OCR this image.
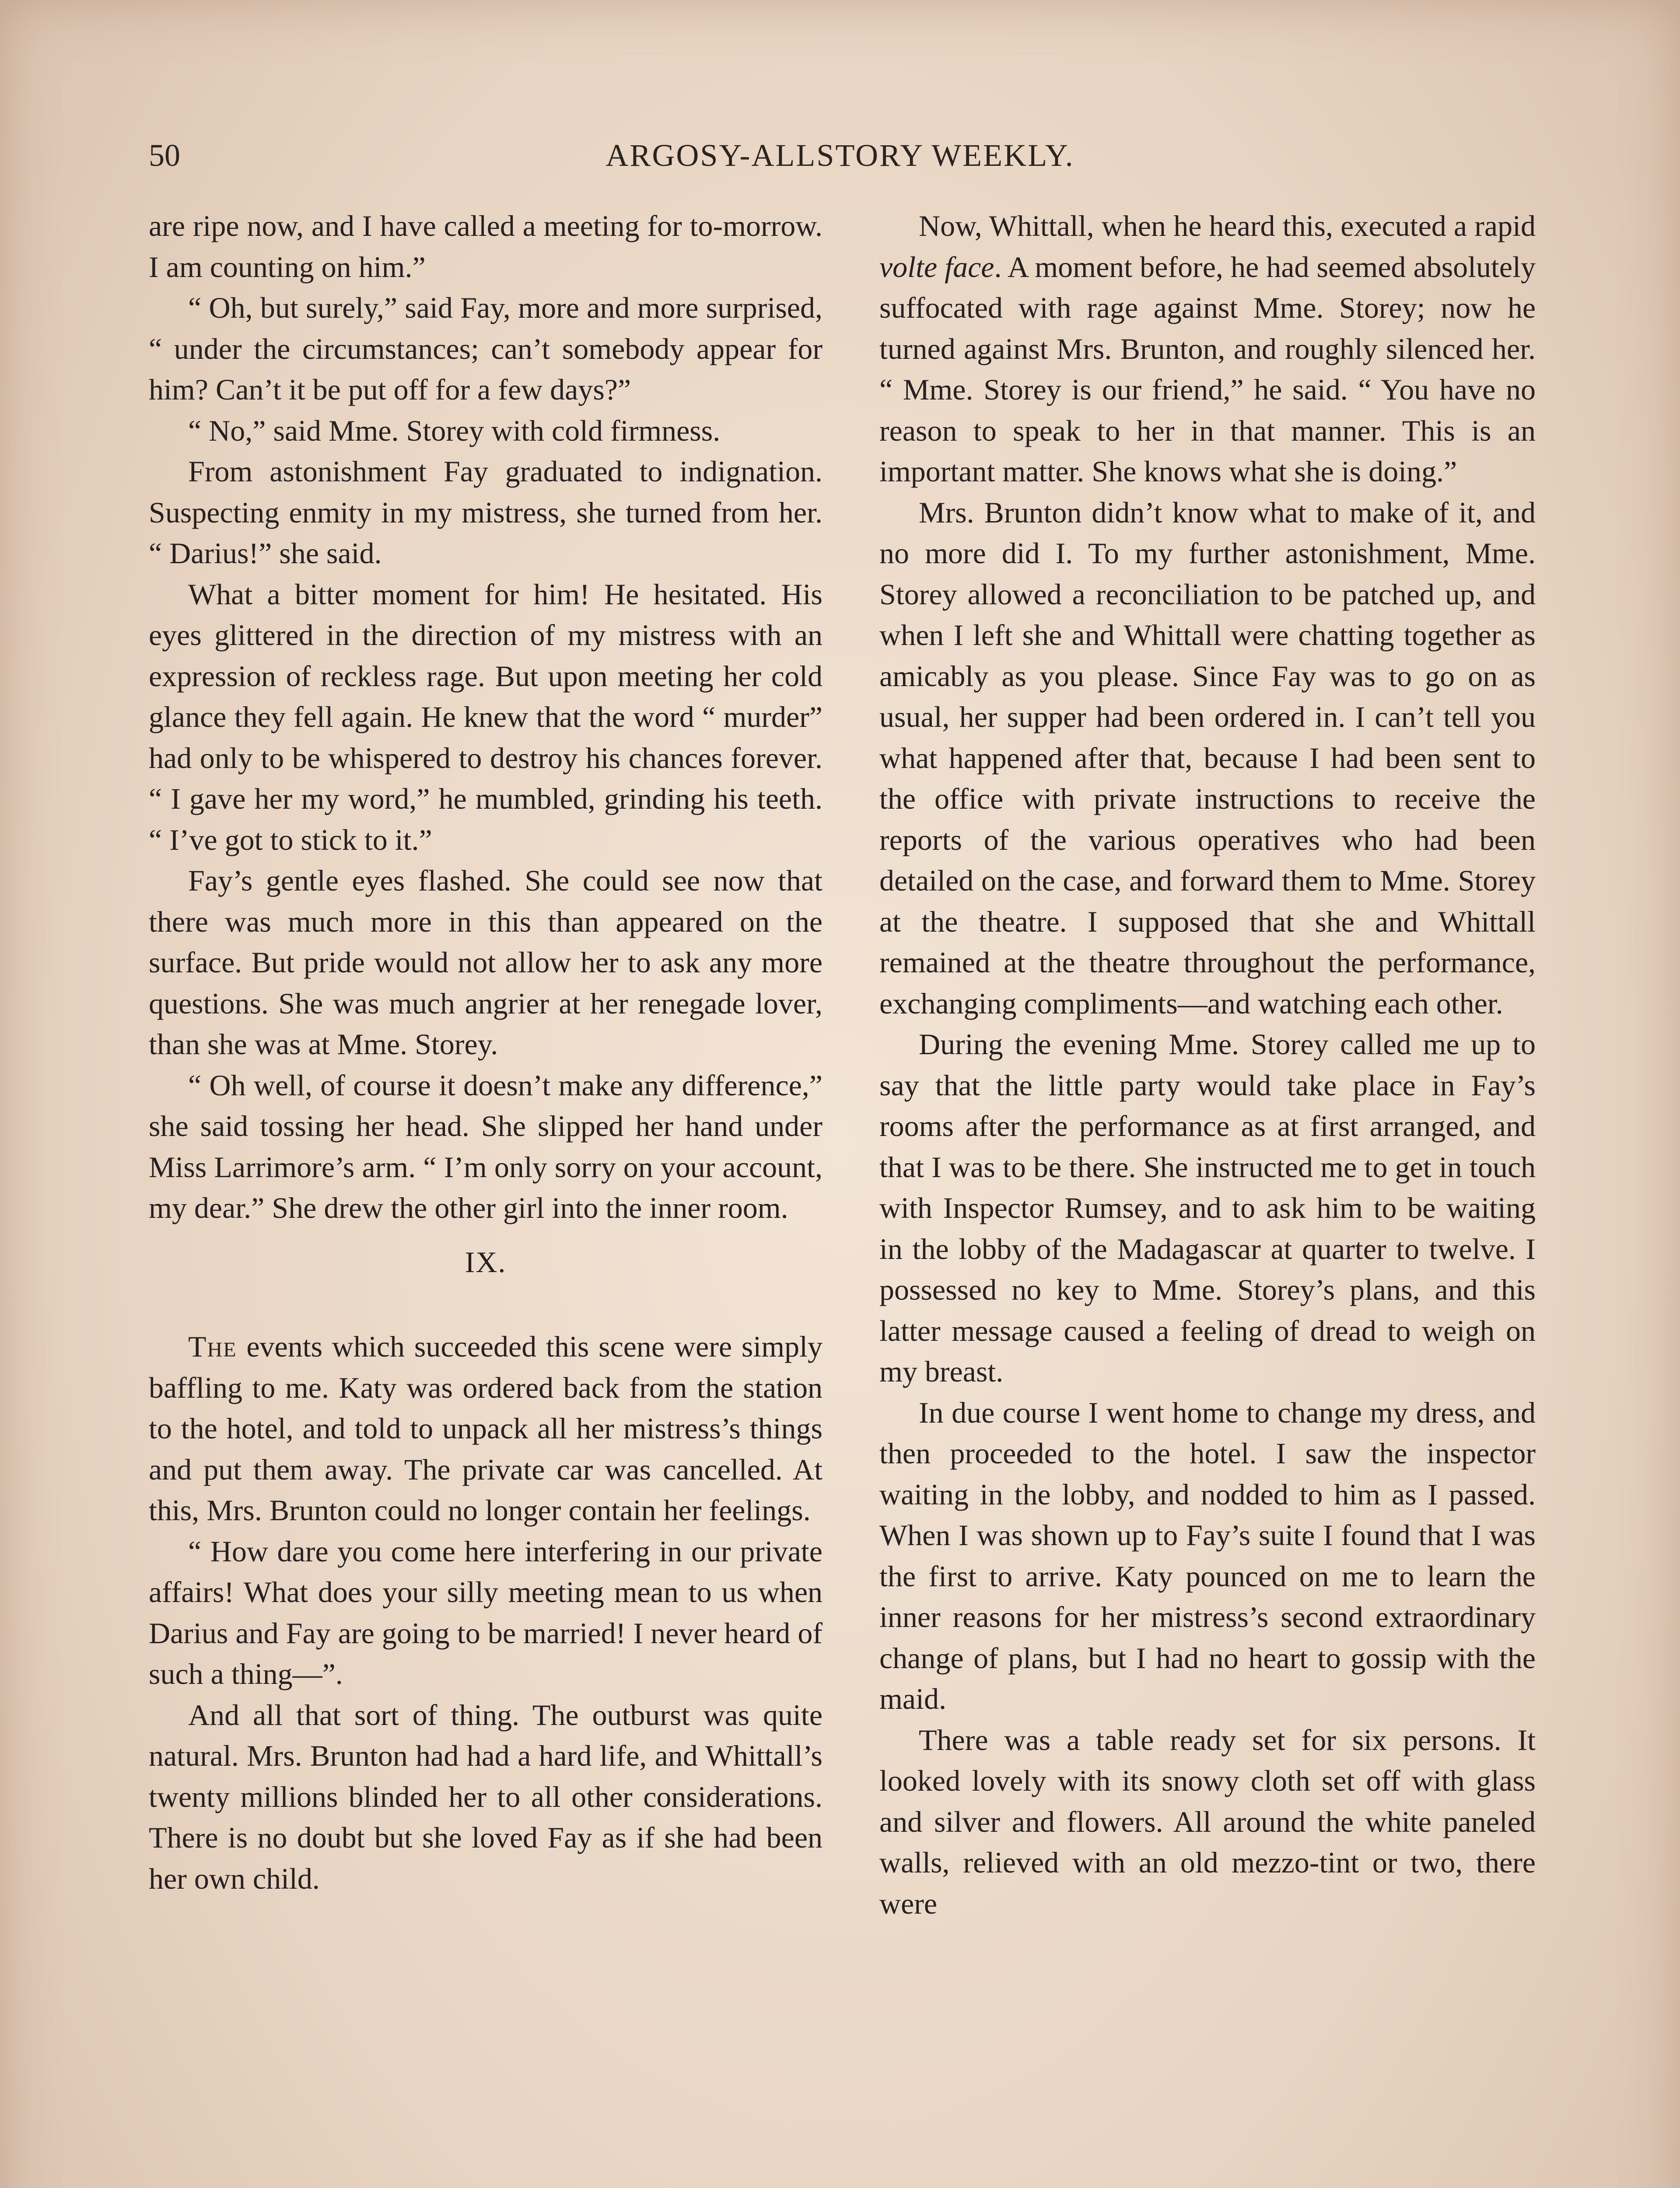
50	ARGOSY-ALLSTORY WEEKLY.

are ripe now, and I have called a meeting for to-morrow. I am counting on him.”

“ Oh, but surely,” said Fay, more and more surprised, “ under the circumstances; can’t somebody appear for him? Can’t it be put off for a few days?”

“ No,” said Mme. Storey with cold firmness.

From astonishment Fay graduated to indignation. Suspecting enmity in my mistress, she turned from her. “ Darius!” she said.

What a bitter moment for him! He hesitated. His eyes glittered in the direction of my mistress with an expression of reckless rage. But upon meeting her cold glance they fell again. He knew that the word “ murder” had only to be whispered to destroy his chances forever. “ I gave her my word,” he mumbled, grinding his teeth. “ I’ve got to stick to it.”

Fay’s gentle eyes flashed. She could see now that there was much more in this than appeared on the surface. But pride would not allow her to ask any more questions. She was much angrier at her renegade lover, than she was at Mme. Storey.

“ Oh well, of course it doesn’t make any difference,” she said tossing her head. She slipped her hand under Miss Larrimore’s arm. “ I’m only sorry on your account, my dear.” She drew the other girl into the inner room.

IX.

The events which succeeded this scene were simply baffling to me. Katy was ordered back from the station to the hotel, and told to unpack all her mistress’s things and put them away. The private car was cancelled. At this, Mrs. Brunton could no longer contain her feelings.

“ How dare you come here interfering in our private affairs! What does your silly meeting mean to us when Darius and Fay are going to be married! I never heard of such a thing—”.

And all that sort of thing. The outburst was quite natural. Mrs. Brunton had had a hard life, and Whittall’s twenty millions blinded her to all other considerations. There is no doubt but she loved Fay as if she had been her own child.

Now, Whittall, when he heard this, executed a rapid volte face. A moment before, he had seemed absolutely suffocated with rage against Mme. Storey; now he turned against Mrs. Brunton, and roughly silenced her. “ Mme. Storey is our friend,” he said. “ You have no reason to speak to her in that manner. This is an important matter. She knows what she is doing.”

Mrs. Brunton didn’t know what to make of it, and no more did I. To my further astonishment, Mme. Storey allowed a reconciliation to be patched up, and when I left she and Whittall were chatting together as amicably as you please. Since Fay was to go on as usual, her supper had been ordered in. I can’t tell you what happened after that, because I had been sent to the office with private instructions to receive the reports of the various operatives who had been detailed on the case, and forward them to Mme. Storey at the theatre. I supposed that she and Whittall remained at the theatre throughout the performance, exchanging compliments—and watching each other.

During the evening Mme. Storey called me up to say that the little party would take place in Fay’s rooms after the performance as at first arranged, and that I was to be there. She instructed me to get in touch with Inspector Rumsey, and to ask him to be waiting in the lobby of the Madagascar at quarter to twelve. I possessed no key to Mme. Storey’s plans, and this latter message caused a feeling of dread to weigh on my breast.

In due course I went home to change my dress, and then proceeded to the hotel. I saw the inspector waiting in the lobby, and nodded to him as I passed. When I was shown up to Fay’s suite I found that I was the first to arrive. Katy pounced on me to learn the inner reasons for her mistress’s second extraordinary change of plans, but I had no heart to gossip with the maid.

There was a table ready set for six persons. It looked lovely with its snowy cloth set off with glass and silver and flowers. All around the white paneled walls, relieved with an old mezzo-tint or two, there were
